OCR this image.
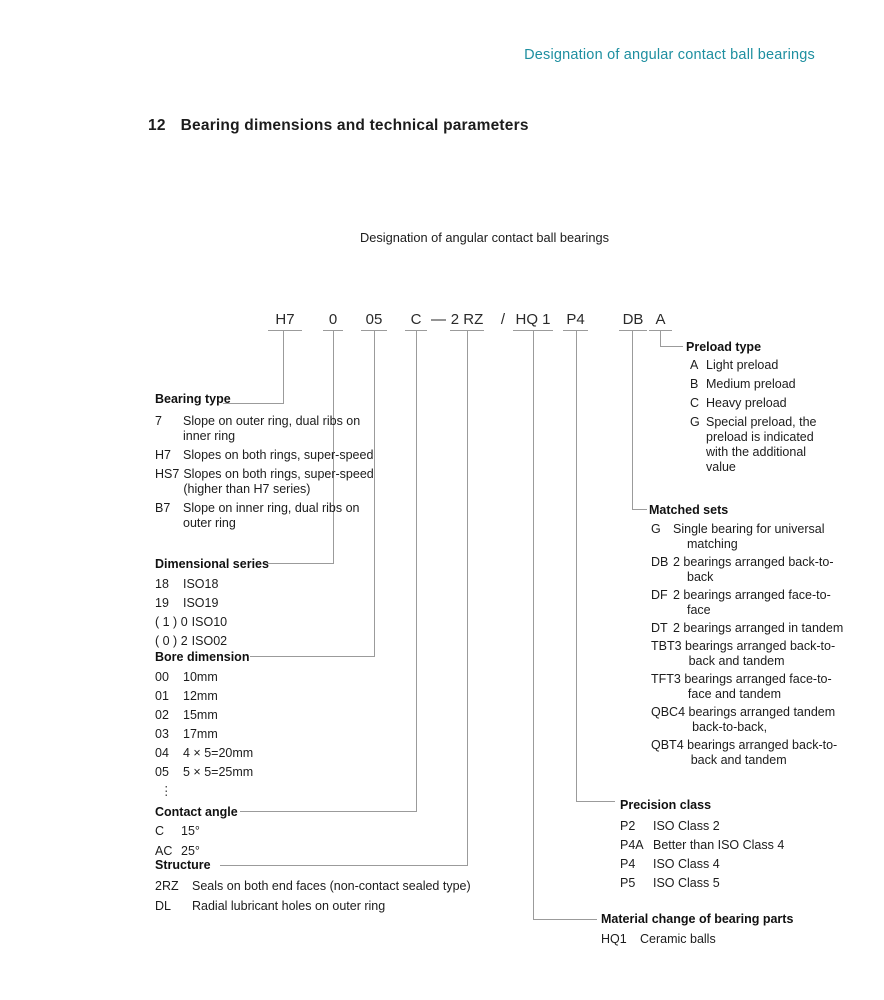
Designation of angular contact ball bearings
12 Bearing dimensions and technical parameters
Designation of angular contact ball bearings
H7	0	05	C — 2 RZ	/ HQ 1 P4	DB A
Bearing type
7	Slope on outer ring, dual ribs on inner ring
H7 Slopes on both rings, super-speed
HS7 Slopes on both rings, super-speed (higher than H7 series)
B7	Slope on inner ring, dual ribs on outer ring
Dimensional series
18	ISO18
19	ISO19
( 1 ) 0 ISO10
( 0 ) 2 ISO02
Bore dimension
00	10mm
01	12mm
02	15mm
03	17mm
04	4 × 5=20mm
05	5 × 5=25mm
⋮
Contact angle
C	15°
AC 25°
Structure
2RZ	Seals on both end faces (non-contact sealed type)
DL	Radial lubricant holes on outer ring
Preload type
A Light preload
B Medium preload
C Heavy preload
G Special preload, the preload is indicated with the additional value
Matched sets
G Single bearing for universal matching
DB 2 bearings arranged back-to-back
DF 2 bearings arranged face-to-face
DT 2 bearings arranged in tandem
TBT 3 bearings arranged back-to-back and tandem
TFT 3 bearings arranged face-to-face and tandem
QBC 4 bearings arranged tandem back-to-back,
QBT 4 bearings arranged back-to-back and tandem
Precision class
P2	ISO Class 2
P4A Better than ISO Class 4
P4	ISO Class 4
P5	ISO Class 5
Material change of bearing parts
HQ1	Ceramic balls
